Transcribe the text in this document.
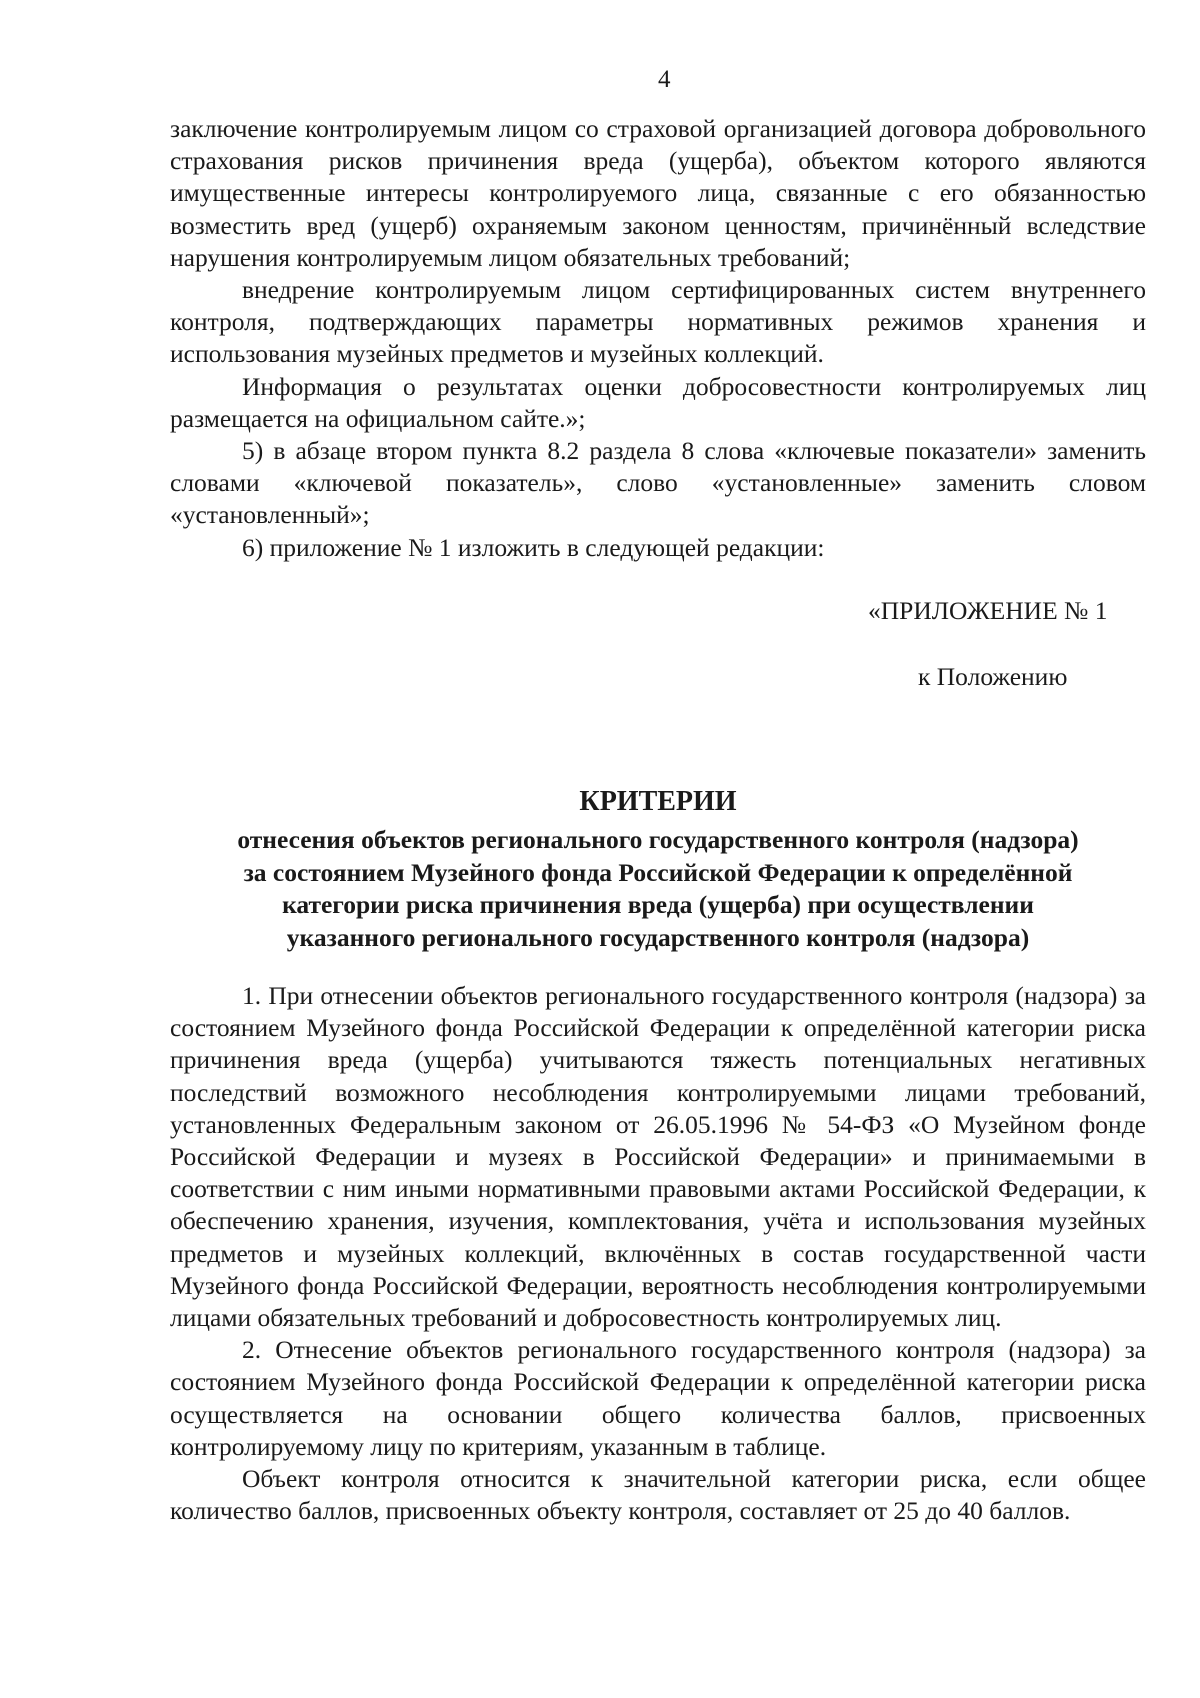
4

заключение контролируемым лицом со страховой организацией договора добровольного страхования рисков причинения вреда (ущерба), объектом которого являются имущественные интересы контролируемого лица, связанные с его обязанностью возместить вред (ущерб) охраняемым законом ценностям, причинённый вследствие нарушения контролируемым лицом обязательных требований;

внедрение контролируемым лицом сертифицированных систем внутреннего контроля, подтверждающих параметры нормативных режимов хранения и использования музейных предметов и музейных коллекций.

Информация о результатах оценки добросовестности контролируемых лиц размещается на официальном сайте.»;

5) в абзаце втором пункта 8.2 раздела 8 слова «ключевые показатели» заменить словами «ключевой показатель», слово «установленные» заменить словом «установленный»;

6) приложение № 1 изложить в следующей редакции:

«ПРИЛОЖЕНИЕ № 1
к Положению
КРИТЕРИИ
отнесения объектов регионального государственного контроля (надзора)
за состоянием Музейного фонда Российской Федерации к определённой
категории риска причинения вреда (ущерба) при осуществлении
указанного регионального государственного контроля (надзора)

1. При отнесении объектов регионального государственного контроля (надзора) за состоянием Музейного фонда Российской Федерации к определённой категории риска причинения вреда (ущерба) учитываются тяжесть потенциальных негативных последствий возможного несоблюдения контролируемыми лицами требований, установленных Федеральным законом от 26.05.1996 № 54-ФЗ «О Музейном фонде Российской Федерации и музеях в Российской Федерации» и принимаемыми в соответствии с ним иными нормативными правовыми актами Российской Федерации, к обеспечению хранения, изучения, комплектования, учёта и использования музейных предметов и музейных коллекций, включённых в состав государственной части Музейного фонда Российской Федерации, вероятность несоблюдения контролируемыми лицами обязательных требований и добросовестность контролируемых лиц.

2. Отнесение объектов регионального государственного контроля (надзора) за состоянием Музейного фонда Российской Федерации к определённой категории риска осуществляется на основании общего количества баллов, присвоенных контролируемому лицу по критериям, указанным в таблице.

Объект контроля относится к значительной категории риска, если общее количество баллов, присвоенных объекту контроля, составляет от 25 до 40 баллов.
